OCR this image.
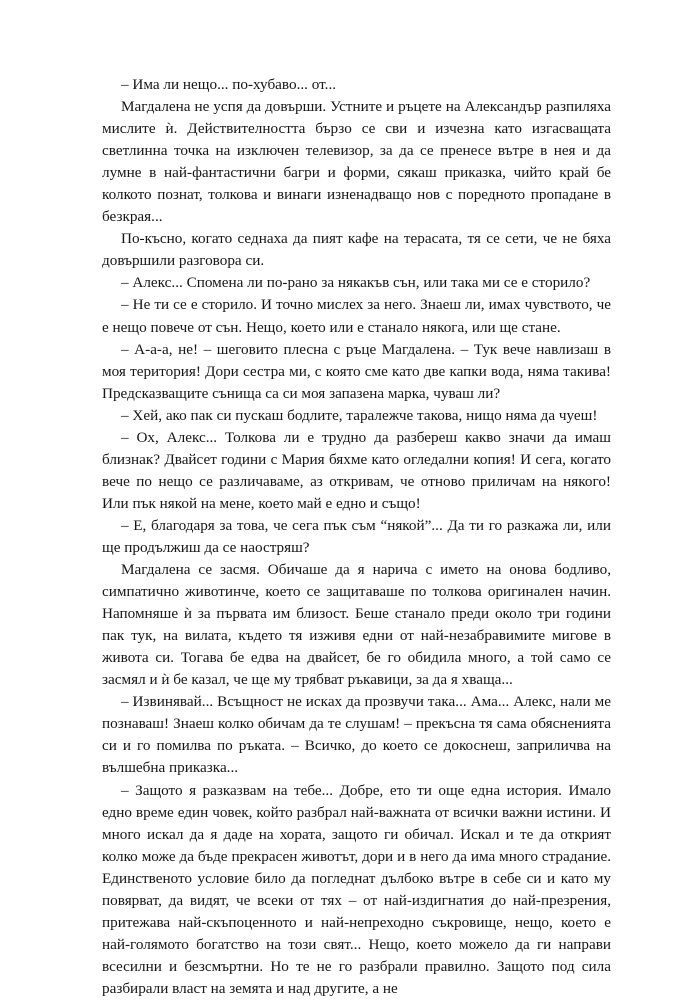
– Има ли нещо... по-хубаво... от...

Магдалена не успя да довърши. Устните и ръцете на Александър разпиляха мислите ѝ. Действителността бързо се сви и изчезна като изгасващата светлинна точка на изключен телевизор, за да се пренесе вътре в нея и да лумне в най-фантастични багри и форми, сякаш приказка, чийто край бе колкото познат, толкова и винаги изненадващо нов с поредното пропадане в безкрая...

По-късно, когато седнаха да пият кафе на терасата, тя се сети, че не бяха довършили разговора си.

– Алекс... Спомена ли по-рано за някакъв сън, или така ми се е сторило?

– Не ти се е сторило. И точно мислех за него. Знаеш ли, имах чувството, че е нещо повече от сън. Нещо, което или е станало някога, или ще стане.

– А-а-а, не! – шеговито плесна с ръце Магдалена. – Тук вече навлизаш в моя територия! Дори сестра ми, с която сме като две капки вода, няма такива! Предсказващите сънища са си моя запазена марка, чуваш ли?

– Хей, ако пак си пускаш бодлите, таралежче такова, нищо няма да чуеш!

– Ох, Алекс... Толкова ли е трудно да разбереш какво значи да имаш близнак? Двайсет години с Мария бяхме като огледални копия! И сега, когато вече по нещо се различаваме, аз откривам, че отново приличам на някого! Или пък някой на мене, което май е едно и също!

– Е, благодаря за това, че сега пък съм “някой”... Да ти го разкажа ли, или ще продължиш да се наостряш?

Магдалена се засмя. Обичаше да я нарича с името на онова бодливо, симпатично животинче, което се защитаваше по толкова оригинален начин. Напомняше ѝ за първата им близост. Беше станало преди около три години пак тук, на вилата, където тя изживя едни от най-незабравимите мигове в живота си. Тогава бе едва на двайсет, бе го обидила много, а той само се засмял и ѝ бе казал, че ще му трябват ръкавици, за да я хваща...

– Извинявай... Всъщност не исках да прозвучи така... Ама... Алекс, нали ме познаваш! Знаеш колко обичам да те слушам! – прекъсна тя сама обясненията си и го помилва по ръката. – Всичко, до което се докоснеш, заприличва на вълшебна приказка...

– Защото я разказвам на тебе... Добре, ето ти още една история. Имало едно време един човек, който разбрал най-важната от всички важни истини. И много искал да я даде на хората, защото ги обичал. Искал и те да открият колко може да бъде прекрасен животът, дори и в него да има много страдание. Единственото условие било да погледнат дълбоко вътре в себе си и като му повярват, да видят, че всеки от тях – от най-издигнатия до най-презрения, притежава най-скъпоценното и най-непреходно съкровище, нещо, което е най-голямото богатство на този свят... Нещо, което можело да ги направи всесилни и безсмъртни. Но те не го разбрали правилно. Защото под сила разбирали власт на земята и над другите, а не
